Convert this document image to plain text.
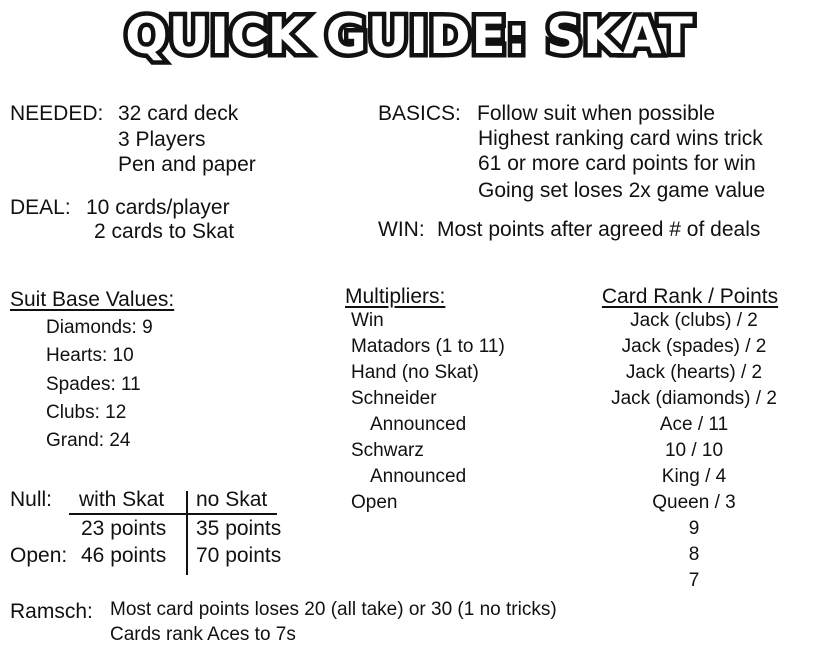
QUICK GUIDE: SKAT
NEEDED: 32 card deck
3 Players
Pen and paper
DEAL: 10 cards/player
2 cards to Skat
BASICS: Follow suit when possible
Highest ranking card wins trick
61 or more card points for win
Going set loses 2x game value
WIN: Most points after agreed # of deals
Suit Base Values:
Diamonds: 9
Hearts: 10
Spades: 11
Clubs: 12
Grand: 24
Multipliers:
Win
Matadors (1 to 11)
Hand (no Skat)
Schneider
Announced
Schwarz
Announced
Open
Card Rank / Points
Jack (clubs) / 2
Jack (spades) / 2
Jack (hearts) / 2
Jack (diamonds) / 2
Ace / 11
10 / 10
King / 4
Queen / 3
9
8
7
Null: with Skat no Skat
23 points 35 points
Open: 46 points 70 points
Ramsch: Most card points loses 20 (all take) or 30 (1 no tricks)
Cards rank Aces to 7s
